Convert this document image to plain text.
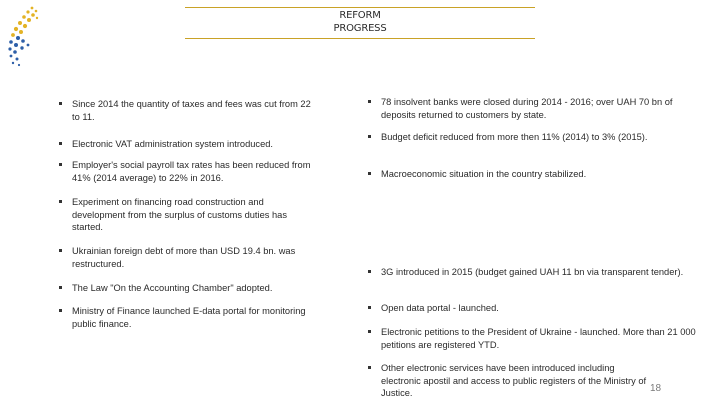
REFORM
PROGRESS
Since 2014 the quantity of taxes and fees was cut from 22 to 11.
Electronic VAT administration system introduced.
Employer's social payroll tax rates has been reduced from 41% (2014 average) to 22% in 2016.
Experiment on financing road construction and development from the surplus of customs duties has started.
Ukrainian foreign debt of more than USD 19.4 bn. was restructured.
The Law "On the Accounting Chamber" adopted.
Ministry of Finance launched E-data portal for monitoring public finance.
78 insolvent banks were closed during 2014 - 2016; over UAH 70 bn of deposits returned to customers by state.
Budget deficit reduced from more then 11% (2014) to 3% (2015).
Macroeconomic situation in the country stabilized.
3G introduced in 2015 (budget gained UAH 11 bn via transparent tender).
Open data portal - launched.
Electronic petitions to the President of Ukraine - launched. More than 21 000 petitions are registered YTD.
Other electronic services have been introduced including electronic apostil and access to public registers of the Ministry of Justice.	18
